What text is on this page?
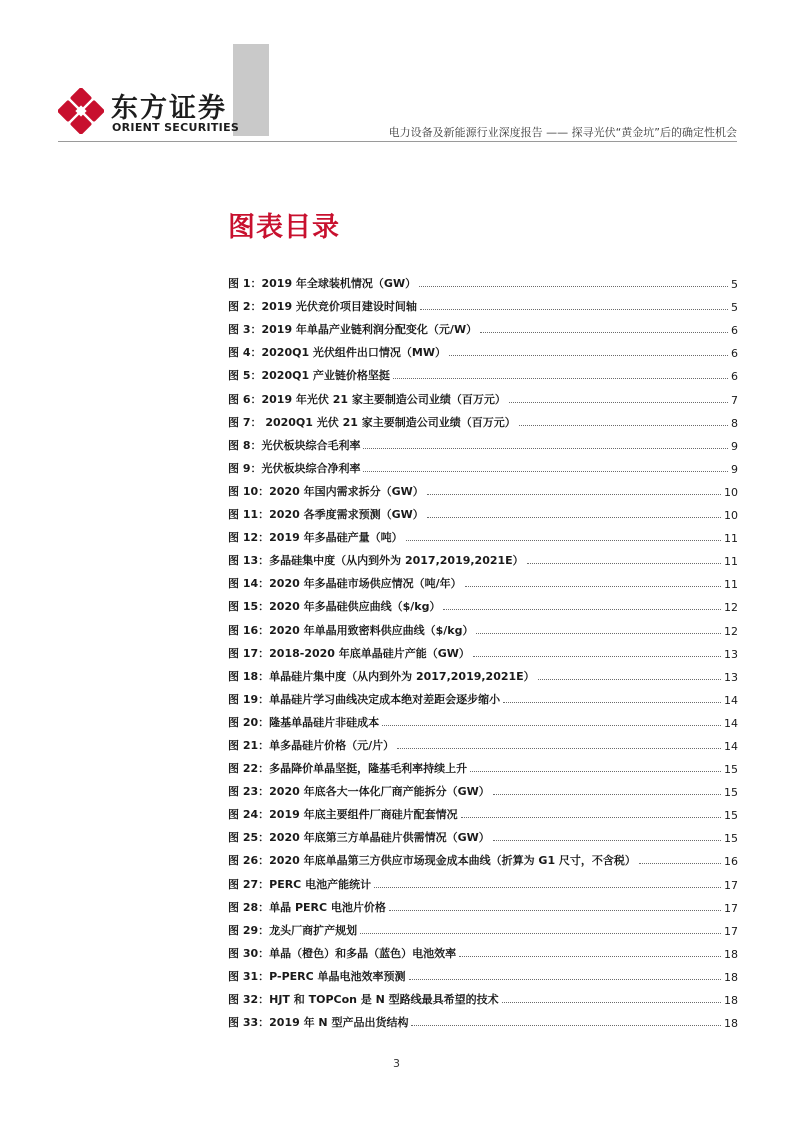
东方证券
ORIENT SECURITIES	电力设备及新能源行业深度报告 —— 探寻光伏“黄金坑”后的确定性机会
图表目录
图 1：2019 年全球装机情况（GW）	5
图 2：2019 光伏竞价项目建设时间轴	5
图 3：2019 年单晶产业链利润分配变化（元/W）	6
图 4：2020Q1 光伏组件出口情况（MW）	6
图 5：2020Q1 产业链价格坚挺	6
图 6：2019 年光伏 21 家主要制造公司业绩（百万元）	7
图 7： 2020Q1 光伏 21 家主要制造公司业绩（百万元）	8
图 8：光伏板块综合毛利率	9
图 9：光伏板块综合净利率	9
图 10：2020 年国内需求拆分（GW）	10
图 11：2020 各季度需求预测（GW）	10
图 12：2019 年多晶硅产量（吨）	11
图 13：多晶硅集中度（从内到外为 2017,2019,2021E）	11
图 14：2020 年多晶硅市场供应情况（吨/年）	11
图 15：2020 年多晶硅供应曲线（$/kg）	12
图 16：2020 年单晶用致密料供应曲线（$/kg）	12
图 17：2018-2020 年底单晶硅片产能（GW）	13
图 18：单晶硅片集中度（从内到外为 2017,2019,2021E）	13
图 19：单晶硅片学习曲线决定成本绝对差距会逐步缩小	14
图 20：隆基单晶硅片非硅成本	14
图 21：单多晶硅片价格（元/片）	14
图 22：多晶降价单晶坚挺，隆基毛利率持续上升	15
图 23：2020 年底各大一体化厂商产能拆分（GW）	15
图 24：2019 年底主要组件厂商硅片配套情况	15
图 25：2020 年底第三方单晶硅片供需情况（GW）	15
图 26：2020 年底单晶第三方供应市场现金成本曲线（折算为 G1 尺寸，不含税）	16
图 27：PERC 电池产能统计	17
图 28：单晶 PERC 电池片价格	17
图 29：龙头厂商扩产规划	17
图 30：单晶（橙色）和多晶（蓝色）电池效率	18
图 31：P-PERC 单晶电池效率预测	18
图 32：HJT 和 TOPCon 是 N 型路线最具希望的技术	18
图 33：2019 年 N 型产品出货结构	18
3
